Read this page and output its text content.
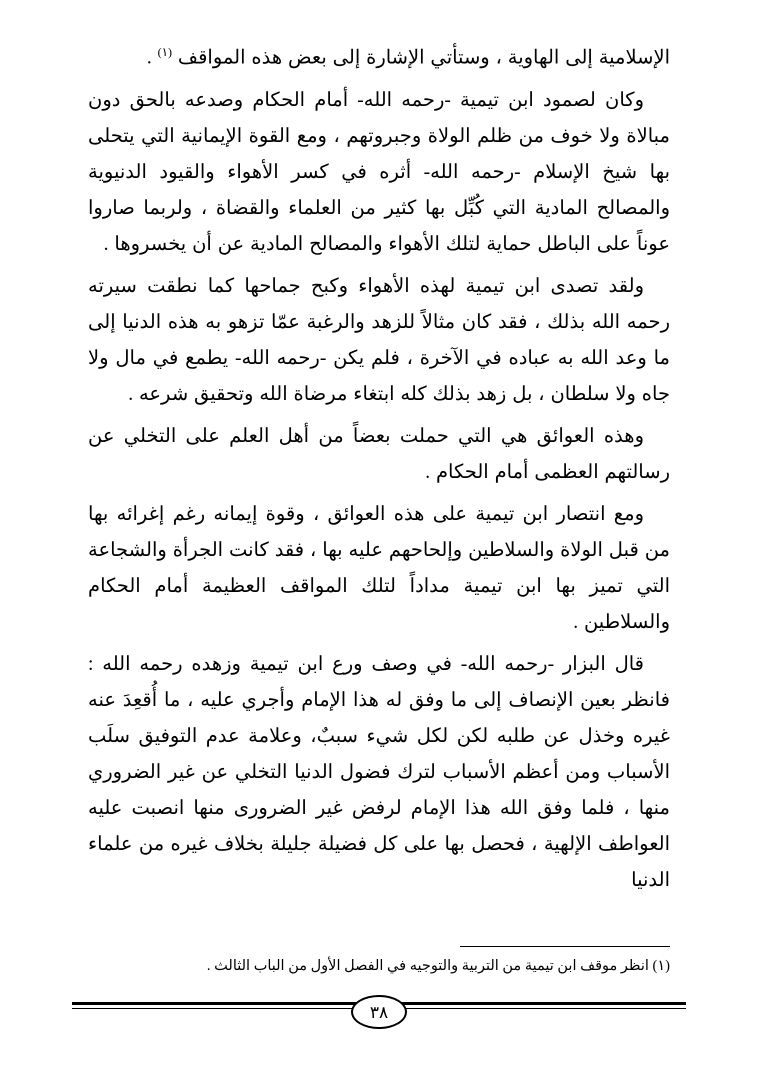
الإسلامية إلى الهاوية ، وستأتي الإشارة إلى بعض هذه المواقف $^{(١)}$ .

وكان لصمود ابن تيمية -رحمه الله- أمام الحكام وصدعه بالحق دون مبالاة ولا خوف من ظلم الولاة وجبروتهم ، ومع القوة الإيمانية التي يتحلى بها شيخ الإسلام -رحمه الله- أثره في كسر الأهواء والقيود الدنيوية والمصالح المادية التي كُبِّل بها كثير من العلماء والقضاة ، ولربما صاروا عوناً على الباطل حماية لتلك الأهواء والمصالح المادية عن أن يخسروها .

ولقد تصدى ابن تيمية لهذه الأهواء وكبح جماحها كما نطقت سيرته رحمه الله بذلك ، فقد كان مثالاً للزهد والرغبة عمّا تزهو به هذه الدنيا إلى ما وعد الله به عباده في الآخرة ، فلم يكن -رحمه الله- يطمع في مال ولا جاه ولا سلطان ، بل زهد بذلك كله ابتغاء مرضاة الله وتحقيق شرعه .

وهذه العوائق هي التي حملت بعضاً من أهل العلم على التخلي عن رسالتهم العظمى أمام الحكام .

ومع انتصار ابن تيمية على هذه العوائق ، وقوة إيمانه رغم إغرائه بها من قبل الولاة والسلاطين وإلحاحهم عليه بها ، فقد كانت الجرأة والشجاعة التي تميز بها ابن تيمية مداداً لتلك المواقف العظيمة أمام الحكام والسلاطين .

قال البزار -رحمه الله- في وصف ورع ابن تيمية وزهده رحمه الله : فانظر بعين الإنصاف إلى ما وفق له هذا الإمام وأجري عليه ، ما أُقعِدَ عنه غيره وخذل عن طلبه لكن لكل شيء سببٌ، وعلامة عدم التوفيق سلَب الأسباب ومن أعظم الأسباب لترك فضول الدنيا التخلي عن غير الضروري منها ، فلما وفق الله هذا الإمام لرفض غير الضرورى منها انصبت عليه العواطف الإلهية ، فحصل بها على كل فضيلة جليلة بخلاف غيره من علماء الدنيا

(١) انظر موقف ابن تيمية من التربية والتوجيه في الفصل الأول من الباب الثالث .
٣٨
